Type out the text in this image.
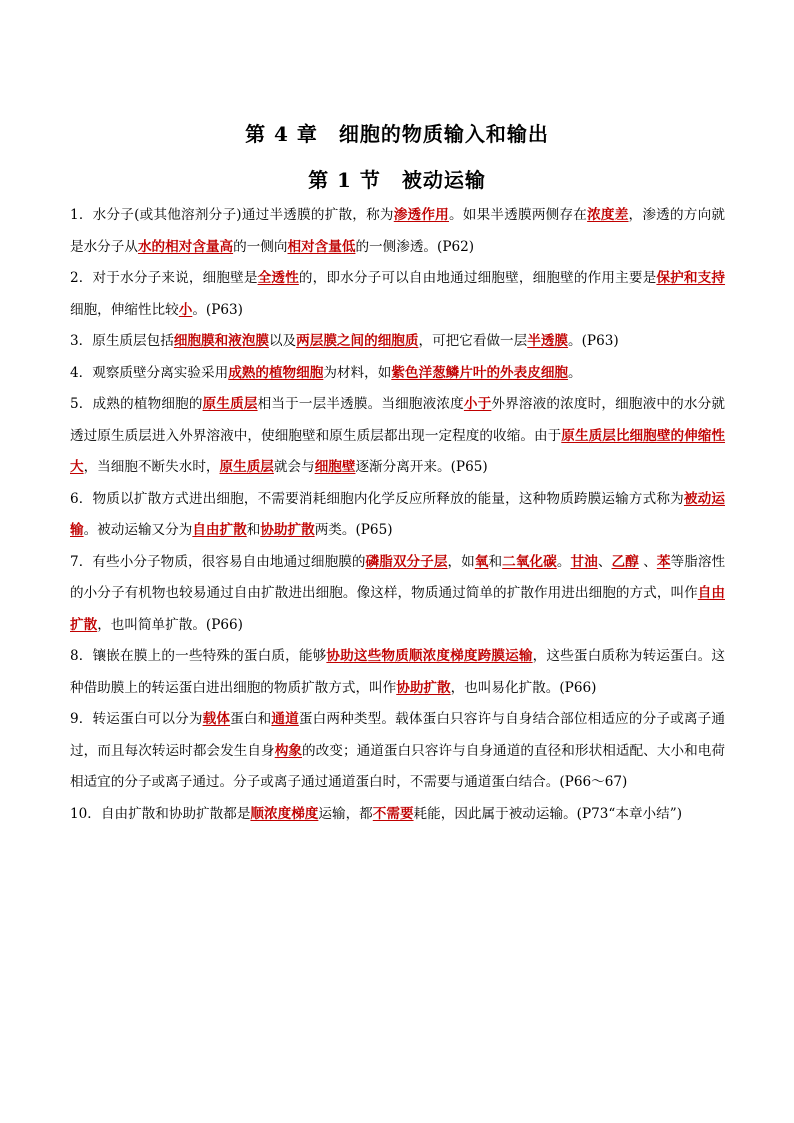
第 4 章　细胞的物质输入和输出
第 1 节　被动运输

1．水分子(或其他溶剂分子)通过半透膜的扩散，称为渗透作用。如果半透膜两侧存在浓度差，渗透的方向就是水分子从水的相对含量高的一侧向相对含量低的一侧渗透。(P62)

2．对于水分子来说，细胞壁是全透性的，即水分子可以自由地通过细胞壁，细胞壁的作用主要是保护和支持细胞，伸缩性比较小。(P63)

3．原生质层包括细胞膜和液泡膜以及两层膜之间的细胞质，可把它看做一层半透膜。(P63)

4．观察质壁分离实验采用成熟的植物细胞为材料，如紫色洋葱鳞片叶的外表皮细胞。

5．成熟的植物细胞的原生质层相当于一层半透膜。当细胞液浓度小于外界溶液的浓度时，细胞液中的水分就透过原生质层进入外界溶液中，使细胞壁和原生质层都出现一定程度的收缩。由于原生质层比细胞壁的伸缩性大，当细胞不断失水时，原生质层就会与细胞壁逐渐分离开来。(P65)

6．物质以扩散方式进出细胞，不需要消耗细胞内化学反应所释放的能量，这种物质跨膜运输方式称为被动运输。被动运输又分为自由扩散和协助扩散两类。(P65)

7．有些小分子物质，很容易自由地通过细胞膜的磷脂双分子层，如氧和二氧化碳。甘油、乙醇 、苯等脂溶性的小分子有机物也较易通过自由扩散进出细胞。像这样，物质通过简单的扩散作用进出细胞的方式，叫作自由扩散，也叫简单扩散。(P66)

8．镶嵌在膜上的一些特殊的蛋白质，能够协助这些物质顺浓度梯度跨膜运输，这些蛋白质称为转运蛋白。这种借助膜上的转运蛋白进出细胞的物质扩散方式，叫作协助扩散，也叫易化扩散。(P66)

9．转运蛋白可以分为载体蛋白和通道蛋白两种类型。载体蛋白只容许与自身结合部位相适应的分子或离子通过，而且每次转运时都会发生自身构象的改变；通道蛋白只容许与自身通道的直径和形状相适配、大小和电荷相适宜的分子或离子通过。分子或离子通过通道蛋白时，不需要与通道蛋白结合。(P66～67)

10．自由扩散和协助扩散都是顺浓度梯度运输，都不需要耗能，因此属于被动运输。(P73“本章小结”)
